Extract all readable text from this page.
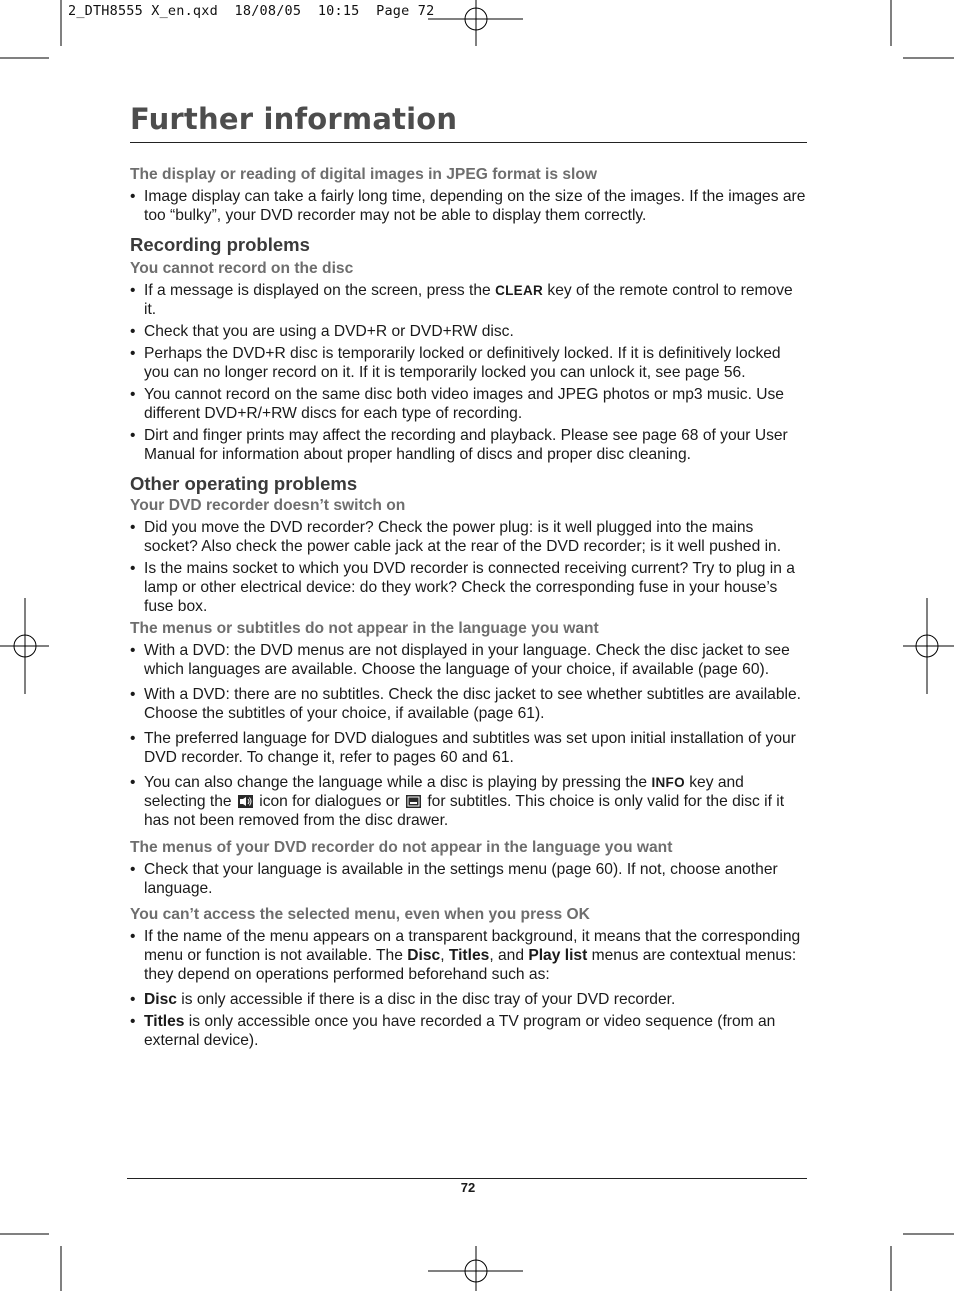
2_DTH8555 X_en.qxd  18/08/05  10:15  Page 72
Further information
The display or reading of digital images in JPEG format is slow
• Image display can take a fairly long time, depending on the size of the images. If the images are too “bulky”, your DVD recorder may not be able to display them correctly.
Recording problems
You cannot record on the disc
• If a message is displayed on the screen, press the CLEAR key of the remote control to remove it.
• Check that you are using a DVD+R or DVD+RW disc.
• Perhaps the DVD+R disc is temporarily locked or definitively locked. If it is definitively locked you can no longer record on it. If it is temporarily locked you can unlock it, see page 56.
• You cannot record on the same disc both video images and JPEG photos or mp3 music. Use different DVD+R/+RW discs for each type of recording.
• Dirt and finger prints may affect the recording and playback. Please see page 68 of your User Manual for information about proper handling of discs and proper disc cleaning.
Other operating problems
Your DVD recorder doesn’t switch on
• Did you move the DVD recorder? Check the power plug: is it well plugged into the mains socket? Also check the power cable jack at the rear of the DVD recorder; is it well pushed in.
• Is the mains socket to which you DVD recorder is connected receiving current? Try to plug in a lamp or other electrical device: do they work? Check the corresponding fuse in your house’s fuse box.
The menus or subtitles do not appear in the language you want
• With a DVD: the DVD menus are not displayed in your language. Check the disc jacket to see which languages are available. Choose the language of your choice, if available (page 60).
• With a DVD: there are no subtitles. Check the disc jacket to see whether subtitles are available. Choose the subtitles of your choice, if available (page 61).
• The preferred language for DVD dialogues and subtitles was set upon initial installation of your DVD recorder. To change it, refer to pages 60 and 61.
• You can also change the language while a disc is playing by pressing the INFO key and selecting the
icon for dialogues or
for subtitles. This choice is only valid for the disc if it has not been removed from the disc drawer.
The menus of your DVD recorder do not appear in the language you want
• Check that your language is available in the settings menu (page 60). If not, choose another language.
You can’t access the selected menu, even when you press OK
• If the name of the menu appears on a transparent background, it means that the corresponding menu or function is not available. The Disc, Titles, and Play list menus are contextual menus: they depend on operations performed beforehand such as:
• Disc is only accessible if there is a disc in the disc tray of your DVD recorder.
• Titles is only accessible once you have recorded a TV program or video sequence (from an external device).
72
